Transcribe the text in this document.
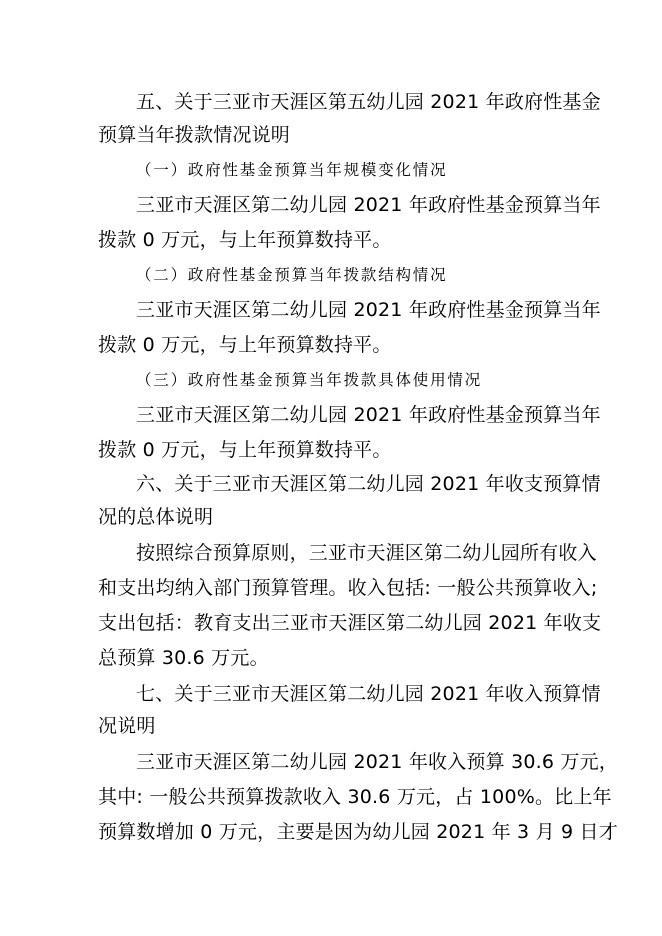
五、关于三亚市天涯区第五幼儿园 2021 年政府性基金
预算当年拨款情况说明
（一）政府性基金预算当年规模变化情况
三亚市天涯区第二幼儿园 2021 年政府性基金预算当年
拨款 0 万元，与上年预算数持平。
（二）政府性基金预算当年拨款结构情况
三亚市天涯区第二幼儿园 2021 年政府性基金预算当年
拨款 0 万元，与上年预算数持平。
（三）政府性基金预算当年拨款具体使用情况
三亚市天涯区第二幼儿园 2021 年政府性基金预算当年
拨款 0 万元，与上年预算数持平。
六、关于三亚市天涯区第二幼儿园 2021 年收支预算情
况的总体说明
按照综合预算原则，三亚市天涯区第二幼儿园所有收入
和支出均纳入部门预算管理。收入包括: 一般公共预算收入;
支出包括：教育支出三亚市天涯区第二幼儿园 2021 年收支
总预算 30.6 万元。
七、关于三亚市天涯区第二幼儿园 2021 年收入预算情
况说明
三亚市天涯区第二幼儿园 2021 年收入预算 30.6 万元，
其中: 一般公共预算拨款收入 30.6 万元，占 100%。比上年
预算数增加 0 万元，主要是因为幼儿园 2021 年 3 月 9 日才
